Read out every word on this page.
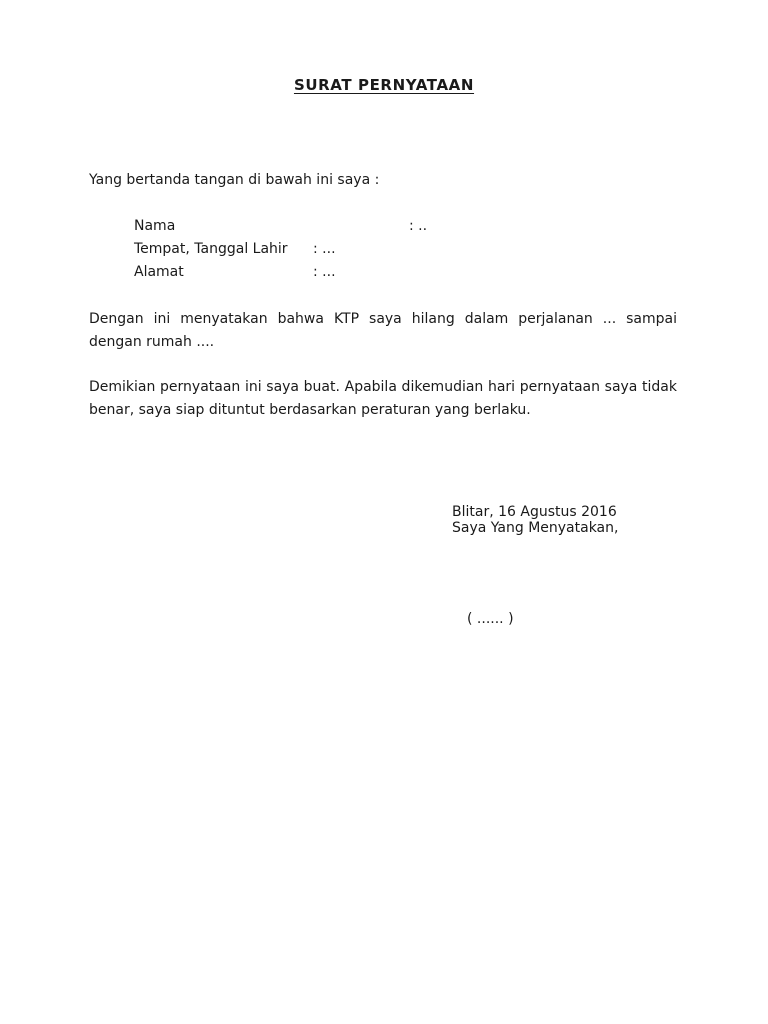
SURAT PERNYATAAN
Yang bertanda tangan di bawah ini saya :
Nama	: ..
Tempat, Tanggal Lahir : ...
Alamat	: ...
Dengan ini menyatakan bahwa KTP saya hilang dalam perjalanan ... sampai dengan rumah ....
Demikian pernyataan ini saya buat. Apabila dikemudian hari pernyataan saya tidak benar, saya siap dituntut berdasarkan peraturan yang berlaku.
Blitar, 16 Agustus 2016
Saya Yang Menyatakan,
( ...... )
